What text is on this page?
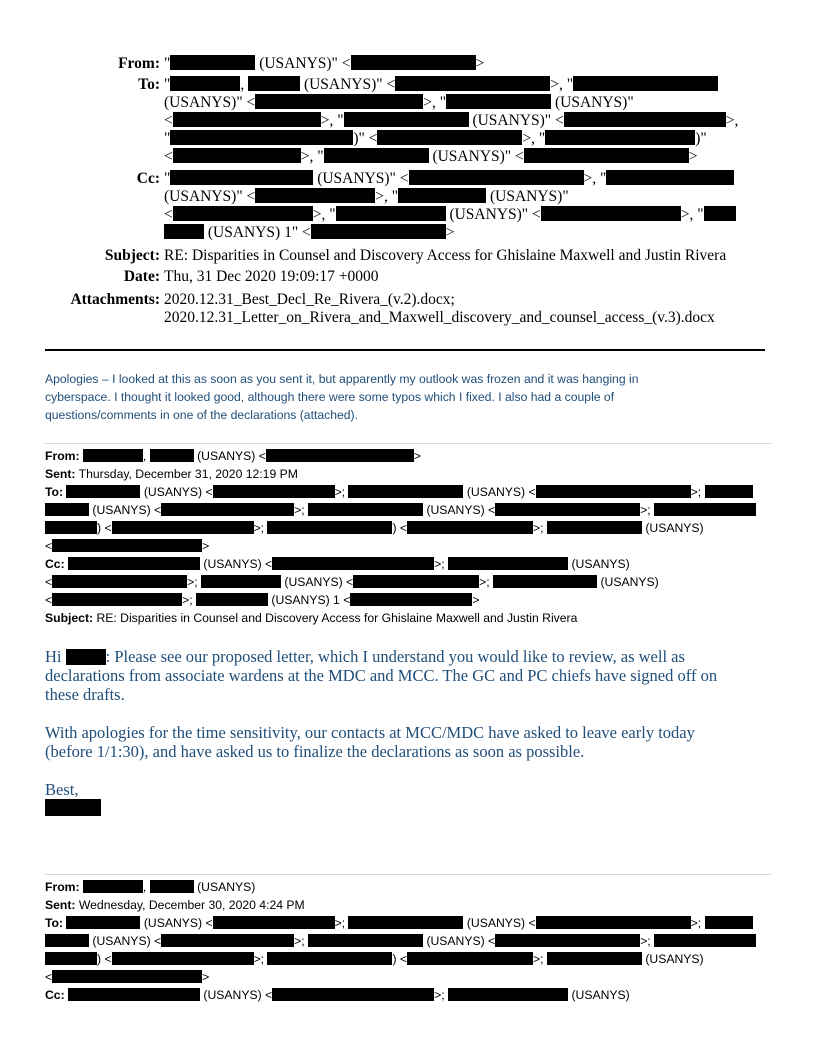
From: "	(USANYS)" <	>
To: "	,	(USANYS)" <	>, "
(USANYS)" <	>, "	(USANYS)"
<	>, "	(USANYS)" <	>,
"	)" <	>, "	)"
<	>, "	(USANYS)" <	>
Cc: "	(USANYS)" <	>, "
(USANYS)" <	>, "	(USANYS)"
<	>, "	(USANYS)" <	>, "
(USANYS) 1" <	>
Subject: RE: Disparities in Counsel and Discovery Access for Ghislaine Maxwell and Justin Rivera
Date: Thu, 31 Dec 2020 19:09:17 +0000
Attachments: 2020.12.31_Best_Decl_Re_Rivera_(v.2).docx;
2020.12.31_Letter_on_Rivera_and_Maxwell_discovery_and_counsel_access_(v.3).docx
Apologies – I looked at this as soon as you sent it, but apparently my outlook was frozen and it was hanging in
cyberspace. I thought it looked good, although there were some typos which I fixed. I also had a couple of
questions/comments in one of the declarations (attached).
From:	,	(USANYS) <	>
Sent: Thursday, December 31, 2020 12:19 PM
To:	(USANYS) <	>;	(USANYS) <	>;
(USANYS) <	>;	(USANYS) <	>;
) <	>;	) <	>;	(USANYS)
<	>
Cc:	(USANYS) <	>;	(USANYS)
<	>;	(USANYS) <	>;	(USANYS)
<	>;	(USANYS) 1 <	>
Subject: RE: Disparities in Counsel and Discovery Access for Ghislaine Maxwell and Justin Rivera
Hi	: Please see our proposed letter, which I understand you would like to review, as well as
declarations from associate wardens at the MDC and MCC. The GC and PC chiefs have signed off on
these drafts.
With apologies for the time sensitivity, our contacts at MCC/MDC have asked to leave early today
(before 1/1:30), and have asked us to finalize the declarations as soon as possible.
Best,
From:	,	(USANYS)
Sent: Wednesday, December 30, 2020 4:24 PM
To:	(USANYS) <	>;	(USANYS) <	>;
(USANYS) <	>;	(USANYS) <	>;
) <	>;	) <	>;	(USANYS)
<	>
Cc:	(USANYS) <	>;	(USANYS)
